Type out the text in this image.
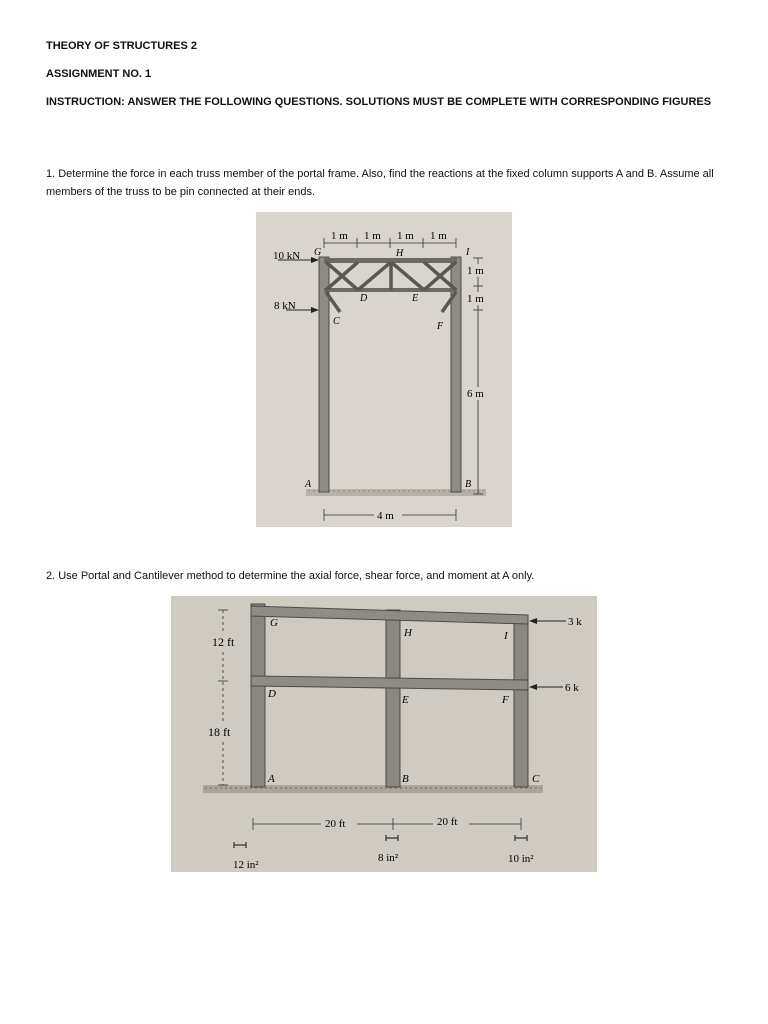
THEORY OF STRUCTURES 2
ASSIGNMENT NO. 1
INSTRUCTION: ANSWER THE FOLLOWING QUESTIONS. SOLUTIONS MUST BE COMPLETE WITH CORRESPONDING FIGURES
1. Determine the force in each truss member of the portal frame. Also, find the reactions at the fixed column supports A and B. Assume all members of the truss to be pin connected at their ends.
1 m 1 m 1 m 1 m
10 kN
8 kN
G	H	I
D	E
C	F
A	B
1 m
1 m
6 m
4 m
2. Use Portal and Cantilever method to determine the axial force, shear force, and moment at A only.
3 k
6 k
12 ft
18 ft
G
H	I
D	E	F
A	B	C
20 ft	20 ft
12 in²
8 in²	10 in²
